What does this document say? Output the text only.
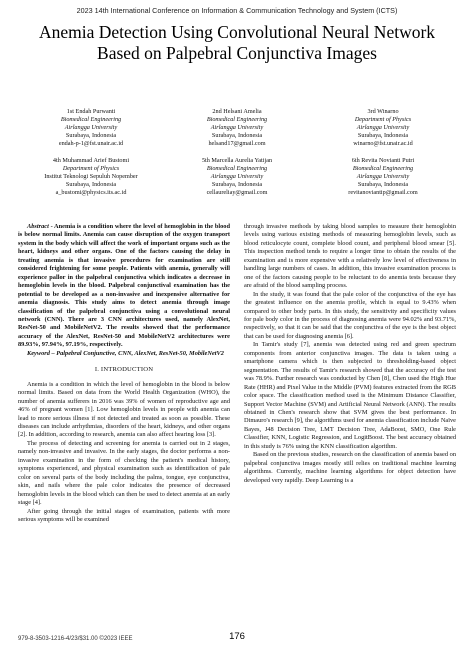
2023 14th International Conference on Information & Communication Technology and System (ICTS)
Anemia Detection Using Convolutional Neural Network Based on Palpebral Conjunctiva Images
1st Endah Purwanti
Biomedical Engineering
Airlangga University
Surabaya, Indonesia
endah-p-1@fst.unair.ac.id
2nd Helsani Amelia
Biomedical Engineering
Airlangga University
Surabaya, Indonesia
helsand17@gmail.com
3rd Winarno
Department of Physics
Airlangga University
Surabaya, Indonesia
winarno@fst.unair.ac.id
4th Muhammad Arief Bustomi
Department of Physics
Institut Teknologi Sepuluh Nopember
Surabaya, Indonesia
a_bustomi@physics.its.ac.id
5th Marcella Aurelia Yatijan
Biomedical Engineering
Airlangga University
Surabaya, Indonesia
cellaureliay@gmail.com
6th Revita Novianti Putri
Biomedical Engineering
Airlangga University
Surabaya, Indonesia
revitanoviantip@gmail.com

Abstract - Anemia is a condition where the level of hemoglobin in the blood is below normal limits. Anemia can cause disruption of the oxygen transport system in the body which will affect the work of important organs such as the heart, kidneys and other organs. One of the factors causing the delay in treating anemia is that invasive procedures for examination are still considered frightening for some people. Patients with anemia, generally will experience pallor in the palpebral conjunctiva which indicates a decrease in hemoglobin levels in the blood. Palpebral conjunctival examination has the potential to be developed as a non-invasive and inexpensive alternative for anemia diagnosis. This study aims to detect anemia through image classification of the palpebral conjunctiva using a convolutional neural network (CNN). There are 3 CNN architectures used, namely AlexNet, ResNet-50 and MobileNetV2. The results showed that the performance accuracy of the AlexNet, ResNet-50 and MobileNetV2 architectures were 89.93%, 97.94%, 97.19%, respectively.

Keyword – Palpebral Conjunctive, CNN, AlexNet, ResNet-50, MobileNetV2

I. INTRODUCTION

Anemia is a condition in which the level of hemoglobin in the blood is below normal limits. Based on data from the World Health Organization (WHO), the number of anemia sufferers in 2016 was 39% of women of reproductive age and 46% of pregnant women [1]. Low hemoglobin levels in people with anemia can lead to more serious illness if not detected and treated as soon as possible. These diseases can include arrhythmias, disorders of the heart, kidneys, and other organs [2]. In addition, according to research, anemia can also affect hearing loss [3].

The process of detecting and screening for anemia is carried out in 2 stages, namely non-invasive and invasive. In the early stages, the doctor performs a non-invasive examination in the form of checking the patient's medical history, symptoms experienced, and physical examination such as identification of pale color on several parts of the body including the palms, tongue, eye conjunctiva, skin, and nails where the pale color indicates the presence of decreased hemoglobin levels in the blood which can then be used to detect anemia at an early stage [4].

After going through the initial stages of examination, patients with more serious symptoms will be examined

through invasive methods by taking blood samples to measure their hemoglobin levels using various existing methods of measuring hemoglobin levels, such as blood reticulocyte count, complete blood count, and peripheral blood smear [5]. This inspection method tends to require a longer time to obtain the results of the examination and is more expensive with a relatively low level of effectiveness in handling large numbers of cases. In addition, this invasive examination process is one of the factors causing people to be reluctant to do anemia tests because they are afraid of the blood sampling process.

In the study, it was found that the pale color of the conjunctiva of the eye has the greatest influence on the anemia profile, which is equal to 9.43% when compared to other body parts. In this study, the sensitivity and specificity values for pale body color in the process of diagnosing anemia were 94.02% and 93.71%, respectively, so that it can be said that the conjunctiva of the eye is the best object that can be used for diagnosing anemia [6].

In Tamir's study [7], anemia was detected using red and green spectrum components from anterior conjunctiva images. The data is taken using a smartphone camera which is then subjected to thresholding-based object segmentation. The results of Tamir's research showed that the accuracy of the test was 78.9%. Further research was conducted by Chen [8], Chen used the High Hue Rate (HHR) and Pixel Value in the Middle (PVM) features extracted from the RGB color space. The classification method used is the Minimum Distance Classifier, Support Vector Machine (SVM) and Artificial Neural Network (ANN). The results obtained in Chen's research show that SVM gives the best performance. In Dimauro's research [9], the algorithms used for anemia classification include Naïve Bayes, J48 Decision Tree, LMT Decision Tree, AdaBoost, SMO, One Rule Classifier, KNN, Logistic Regression, and LogitBoost. The best accuracy obtained in this study is 76% using the KNN classification algorithm.

Based on the previous studies, research on the classification of anemia based on palpebral conjunctiva images mostly still relies on traditional machine learning algorithms. Currently, machine learning algorithms for object detection have developed very rapidly. Deep Learning is a

979-8-3503-1216-4/23/$31.00 ©2023 IEEE	176
